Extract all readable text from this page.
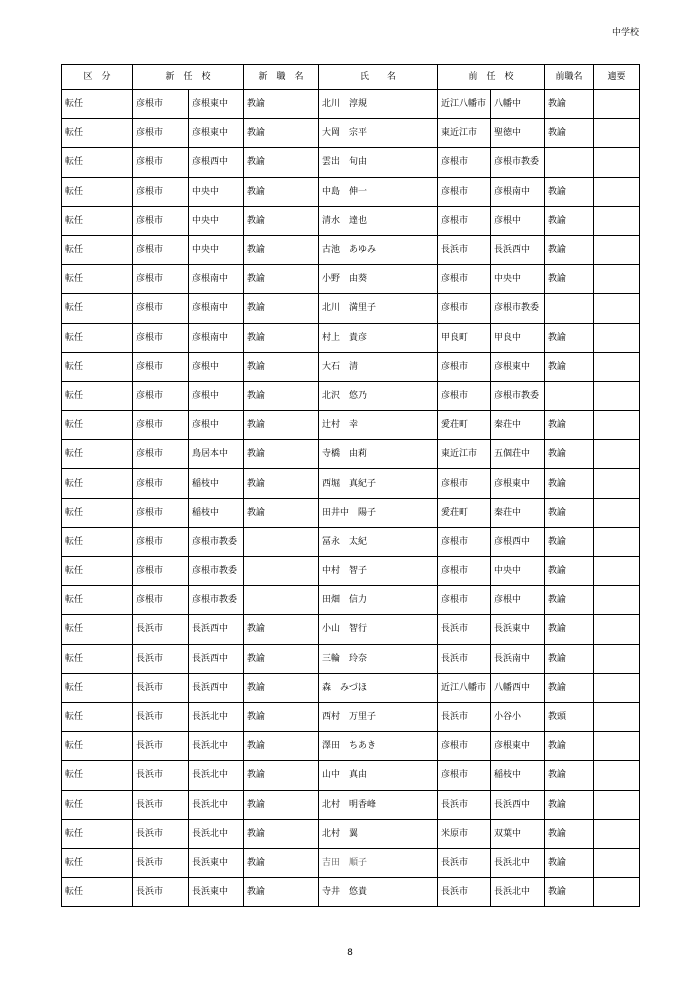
中学校
区　分	新　任　校		新　職　名	氏　　名	前　任　校		前職名	適要
転任	彦根市	彦根東中	教諭	北川　淳規	近江八幡市	八幡中	教諭	
転任	彦根市	彦根東中	教諭	大岡　宗平	東近江市	聖徳中	教諭	
転任	彦根市	彦根西中	教諭	雲出　旬由	彦根市	彦根市教委		
転任	彦根市	中央中	教諭	中島　伸一	彦根市	彦根南中	教諭	
転任	彦根市	中央中	教諭	清水　達也	彦根市	彦根中	教諭	
転任	彦根市	中央中	教諭	古池　あゆみ	長浜市	長浜西中	教諭	
転任	彦根市	彦根南中	教諭	小野　由葵	彦根市	中央中	教諭	
転任	彦根市	彦根南中	教諭	北川　満里子	彦根市	彦根市教委		
転任	彦根市	彦根南中	教諭	村上　貴彦	甲良町	甲良中	教諭	
転任	彦根市	彦根中	教諭	大石　清	彦根市	彦根東中	教諭	
転任	彦根市	彦根中	教諭	北沢　悠乃	彦根市	彦根市教委		
転任	彦根市	彦根中	教諭	辻村　幸	愛荘町	秦荘中	教諭	
転任	彦根市	鳥居本中	教諭	寺橋　由莉	東近江市	五個荘中	教諭	
転任	彦根市	稲枝中	教諭	西堀　真紀子	彦根市	彦根東中	教諭	
転任	彦根市	稲枝中	教諭	田井中　陽子	愛荘町	秦荘中	教諭	
転任	彦根市	彦根市教委		冨永　太紀	彦根市	彦根西中	教諭	
転任	彦根市	彦根市教委		中村　智子	彦根市	中央中	教諭	
転任	彦根市	彦根市教委		田畑　信力	彦根市	彦根中	教諭	
転任	長浜市	長浜西中	教諭	小山　智行	長浜市	長浜東中	教諭	
転任	長浜市	長浜西中	教諭	三輪　玲奈	長浜市	長浜南中	教諭	
転任	長浜市	長浜西中	教諭	森　みづほ	近江八幡市	八幡西中	教諭	
転任	長浜市	長浜北中	教諭	西村　万里子	長浜市	小谷小	教頭	
転任	長浜市	長浜北中	教諭	澤田　ちあき	彦根市	彦根東中	教諭	
転任	長浜市	長浜北中	教諭	山中　真由	彦根市	稲枝中	教諭	
転任	長浜市	長浜北中	教諭	北村　明香峰	長浜市	長浜西中	教諭	
転任	長浜市	長浜北中	教諭	北村　翼	米原市	双葉中	教諭	
転任	長浜市	長浜東中	教諭	吉田　順子	長浜市	長浜北中	教諭	
転任	長浜市	長浜東中	教諭	寺井　悠貴	長浜市	長浜北中	教諭	
8
